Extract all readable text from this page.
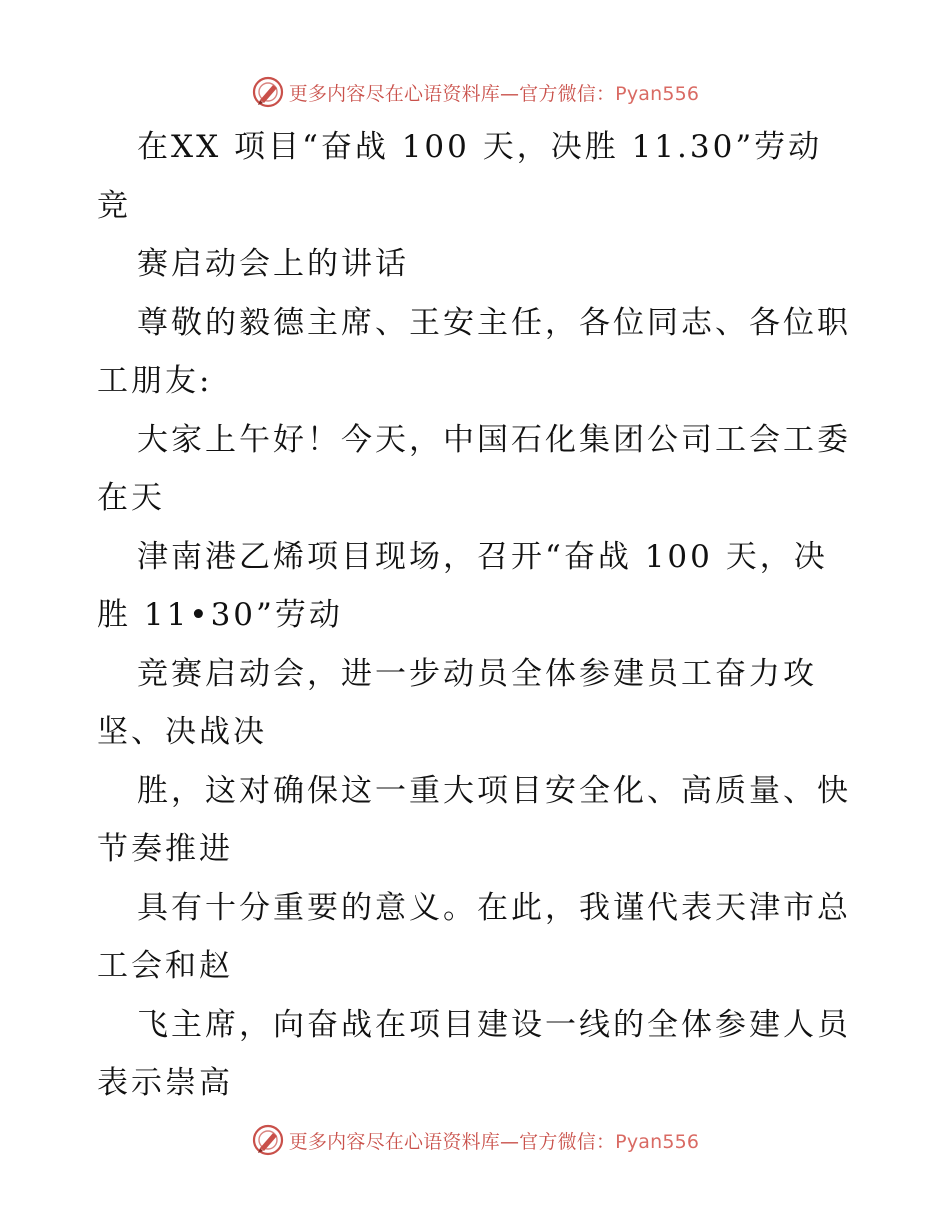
更多内容尽在心语资料库—官方微信：Pyan556
在XX 项目“奋战 100 天，决胜 11.30”劳动
竞
赛启动会上的讲话
尊敬的毅德主席、王安主任，各位同志、各位职
工朋友:
大家上午好！今天，中国石化集团公司工会工委
在天
津南港乙烯项目现场，召开“奋战 100 天，决
胜 11•30”劳动
竞赛启动会，进一步动员全体参建员工奋力攻
坚、决战决
胜，这对确保这一重大项目安全化、高质量、快
节奏推进
具有十分重要的意义。在此，我谨代表天津市总
工会和赵
飞主席，向奋战在项目建设一线的全体参建人员
表示崇高
更多内容尽在心语资料库—官方微信：Pyan556
